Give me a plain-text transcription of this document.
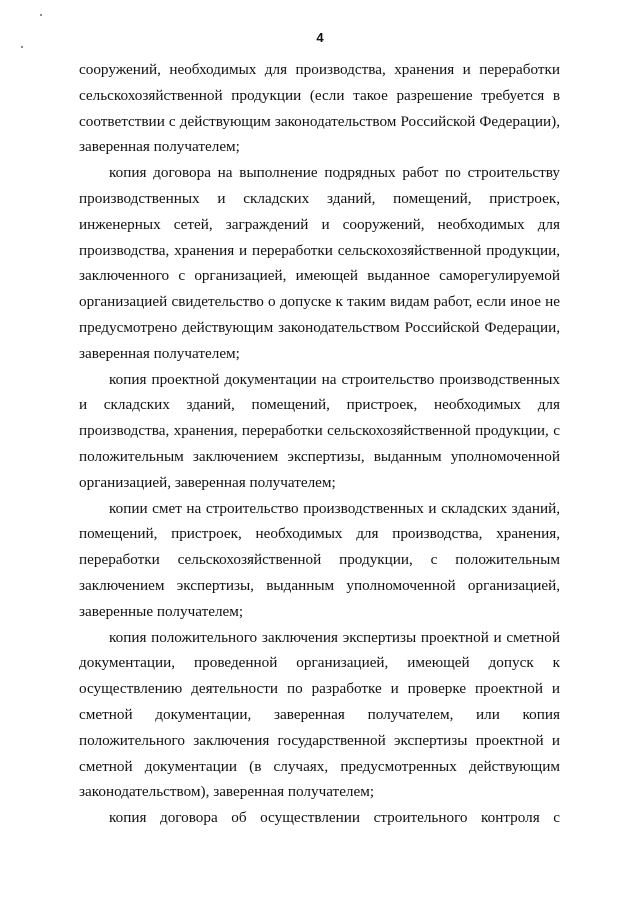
4

сооружений, необходимых для производства, хранения и переработки сельскохозяйственной продукции (если такое разрешение требуется в соответствии с действующим законодательством Российской Федерации), заверенная получателем;

копия договора на выполнение подрядных работ по строительству производственных и складских зданий, помещений, пристроек, инженерных сетей, заграждений и сооружений, необходимых для производства, хранения и переработки сельскохозяйственной продукции, заключенного с организацией, имеющей выданное саморегулируемой организацией свидетельство о допуске к таким видам работ, если иное не предусмотрено действующим законодательством Российской Федерации, заверенная получателем;

копия проектной документации на строительство производственных и складских зданий, помещений, пристроек, необходимых для производства, хранения, переработки сельскохозяйственной продукции, с положительным заключением экспертизы, выданным уполномоченной организацией, заверенная получателем;

копии смет на строительство производственных и складских зданий, помещений, пристроек, необходимых для производства, хранения, переработки сельскохозяйственной продукции, с положительным заключением экспертизы, выданным уполномоченной организацией, заверенные получателем;

копия положительного заключения экспертизы проектной и сметной документации, проведенной организацией, имеющей допуск к осуществлению деятельности по разработке и проверке проектной и сметной документации, заверенная получателем, или копия положительного заключения государственной экспертизы проектной и сметной документации (в случаях, предусмотренных действующим законодательством), заверенная получателем;

копия договора об осуществлении строительного контроля с
